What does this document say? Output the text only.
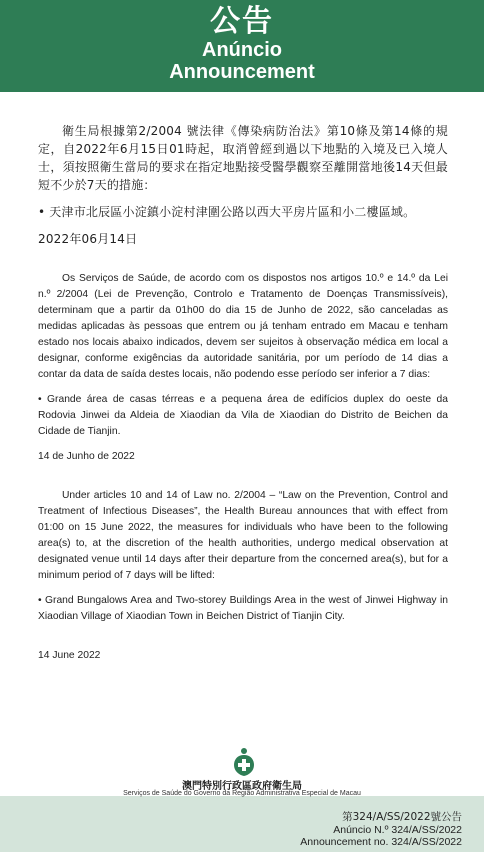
公告
Anúncio
Announcement

衛生局根據第2/2004 號法律《傳染病防治法》第10條及第14條的規定，自2022年6月15日01時起，取消曾經到過以下地點的入境及已入境人士，須按照衛生當局的要求在指定地點接受醫學觀察至離開當地後14天但最短不少於7天的措施：

• 天津市北辰區小淀鎮小淀村津圍公路以西大平房片區和小二樓區域。

2022年06月14日

Os Serviços de Saúde, de acordo com os dispostos nos artigos 10.º e 14.º da Lei n.º 2/2004 (Lei de Prevenção, Controlo e Tratamento de Doenças Transmissíveis), determinam que a partir da 01h00 do dia 15 de Junho de 2022, são canceladas as medidas aplicadas às pessoas que entrem ou já tenham entrado em Macau e tenham estado nos locais abaixo indicados, devem ser sujeitos à observação médica em local a designar, conforme exigências da autoridade sanitária, por um período de 14 dias a contar da data de saída destes locais, não podendo esse período ser inferior a 7 dias:

• Grande área de casas térreas e a pequena área de edifícios duplex do oeste da Rodovia Jinwei da Aldeia de Xiaodian da Vila de Xiaodian do Distrito de Beichen da Cidade de Tianjin.

14 de Junho de 2022

Under articles 10 and 14 of Law no. 2/2004 – “Law on the Prevention, Control and Treatment of Infectious Diseases”, the Health Bureau announces that with effect from 01:00 on 15 June 2022, the measures for individuals who have been to the following area(s) to, at the discretion of the health authorities, undergo medical observation at designated venue until 14 days after their departure from the concerned area(s), but for a minimum period of 7 days will be lifted:

• Grand Bungalows Area and Two-storey Buildings Area in the west of Jinwei Highway in Xiaodian Village of Xiaodian Town in Beichen District of Tianjin City.

14 June 2022

澳門特別行政區政府衛生局
Serviços de Saúde do Governo da Região Administrativa Especial de Macau
第324/A/SS/2022號公告
Anúncio N.º 324/A/SS/2022
Announcement no. 324/A/SS/2022
